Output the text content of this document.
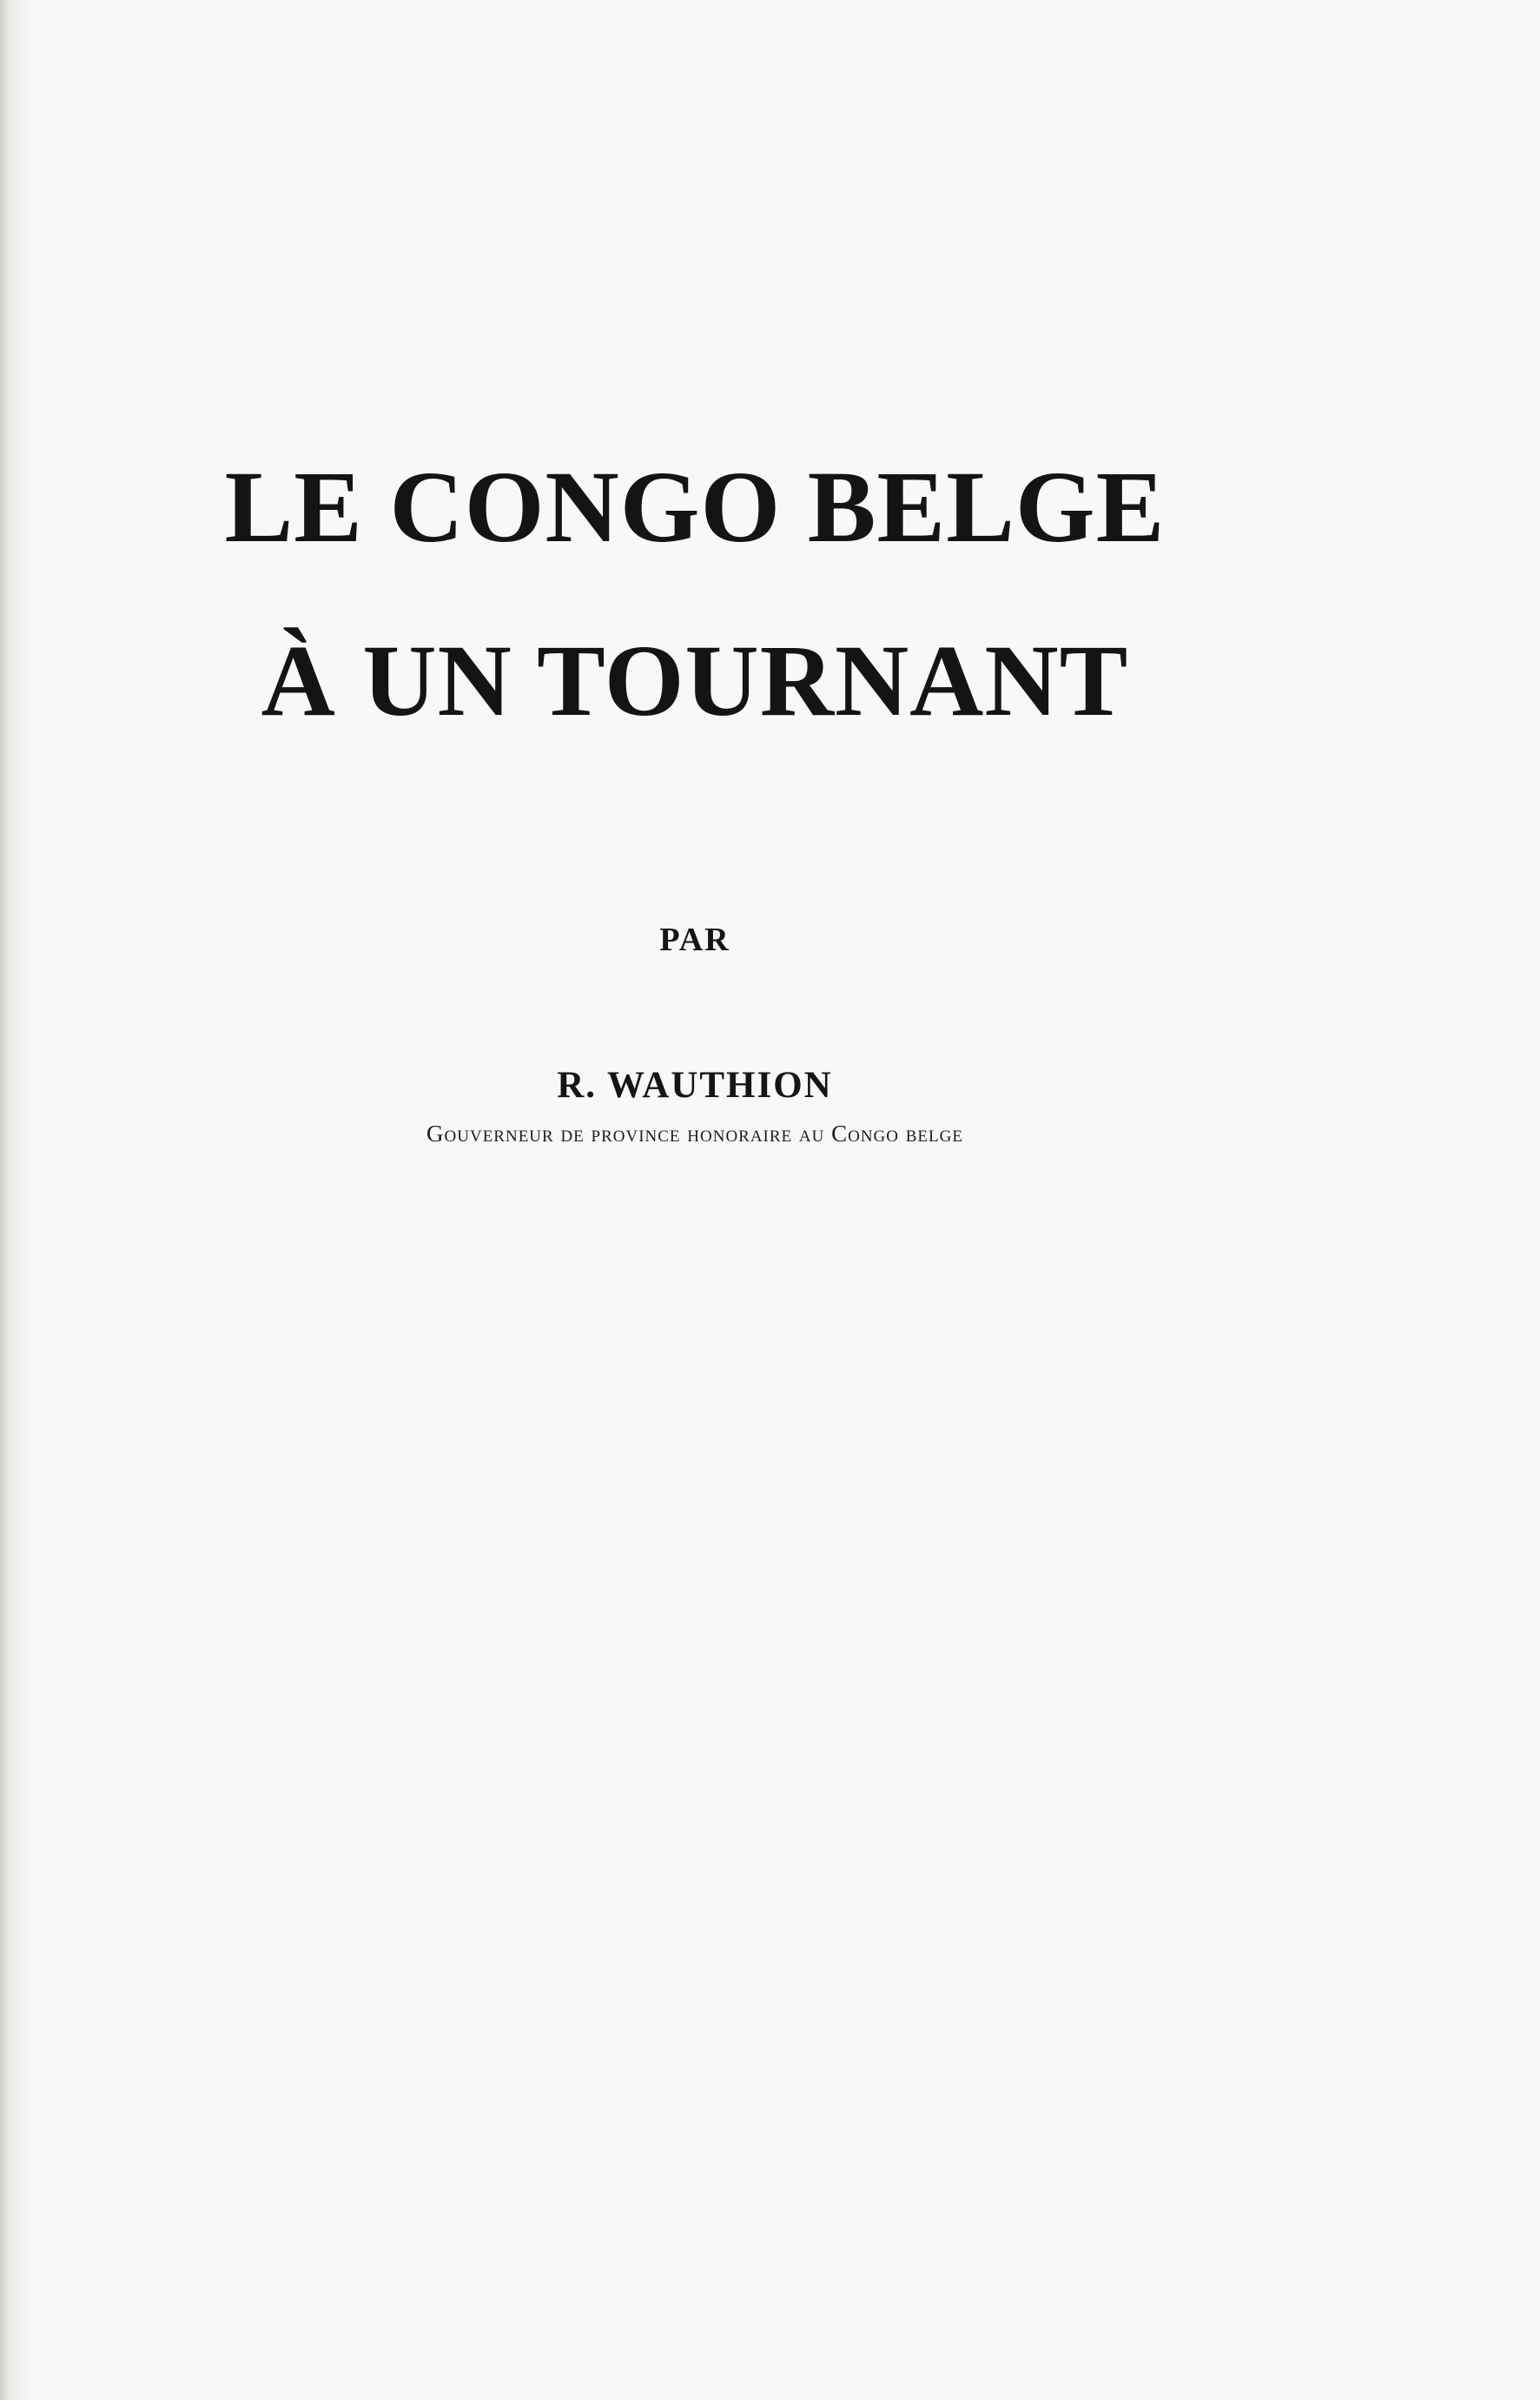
LE CONGO BELGE
À UN TOURNANT
PAR
R. WAUTHION
Gouverneur de province honoraire au Congo belge
